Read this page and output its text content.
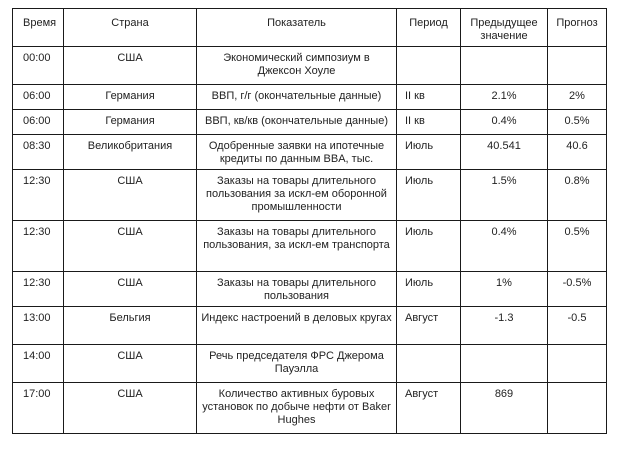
Время	Страна	Показатель	Период	Предыдущее значение	Прогноз
00:00	США	Экономический симпозиум в Джексон Хоуле			
06:00	Германия	ВВП, г/г (окончательные данные)	II кв	2.1%	2%
06:00	Германия	ВВП, кв/кв (окончательные данные)	II кв	0.4%	0.5%
08:30	Великобритания	Одобренные заявки на ипотечные кредиты по данным BBA, тыс.	Июль	40.541	40.6
12:30	США	Заказы на товары длительного пользования за искл-ем оборонной промышленности	Июль	1.5%	0.8%
12:30	США	Заказы на товары длительного пользования, за искл-ем транспорта	Июль	0.4%	0.5%
12:30	США	Заказы на товары длительного пользования	Июль	1%	-0.5%
13:00	Бельгия	Индекс настроений в деловых кругах	Август	-1.3	-0.5
14:00	США	Речь председателя ФРС Джерома Пауэлла			
17:00	США	Количество активных буровых установок по добыче нефти от Baker Hughes	Август	869	
